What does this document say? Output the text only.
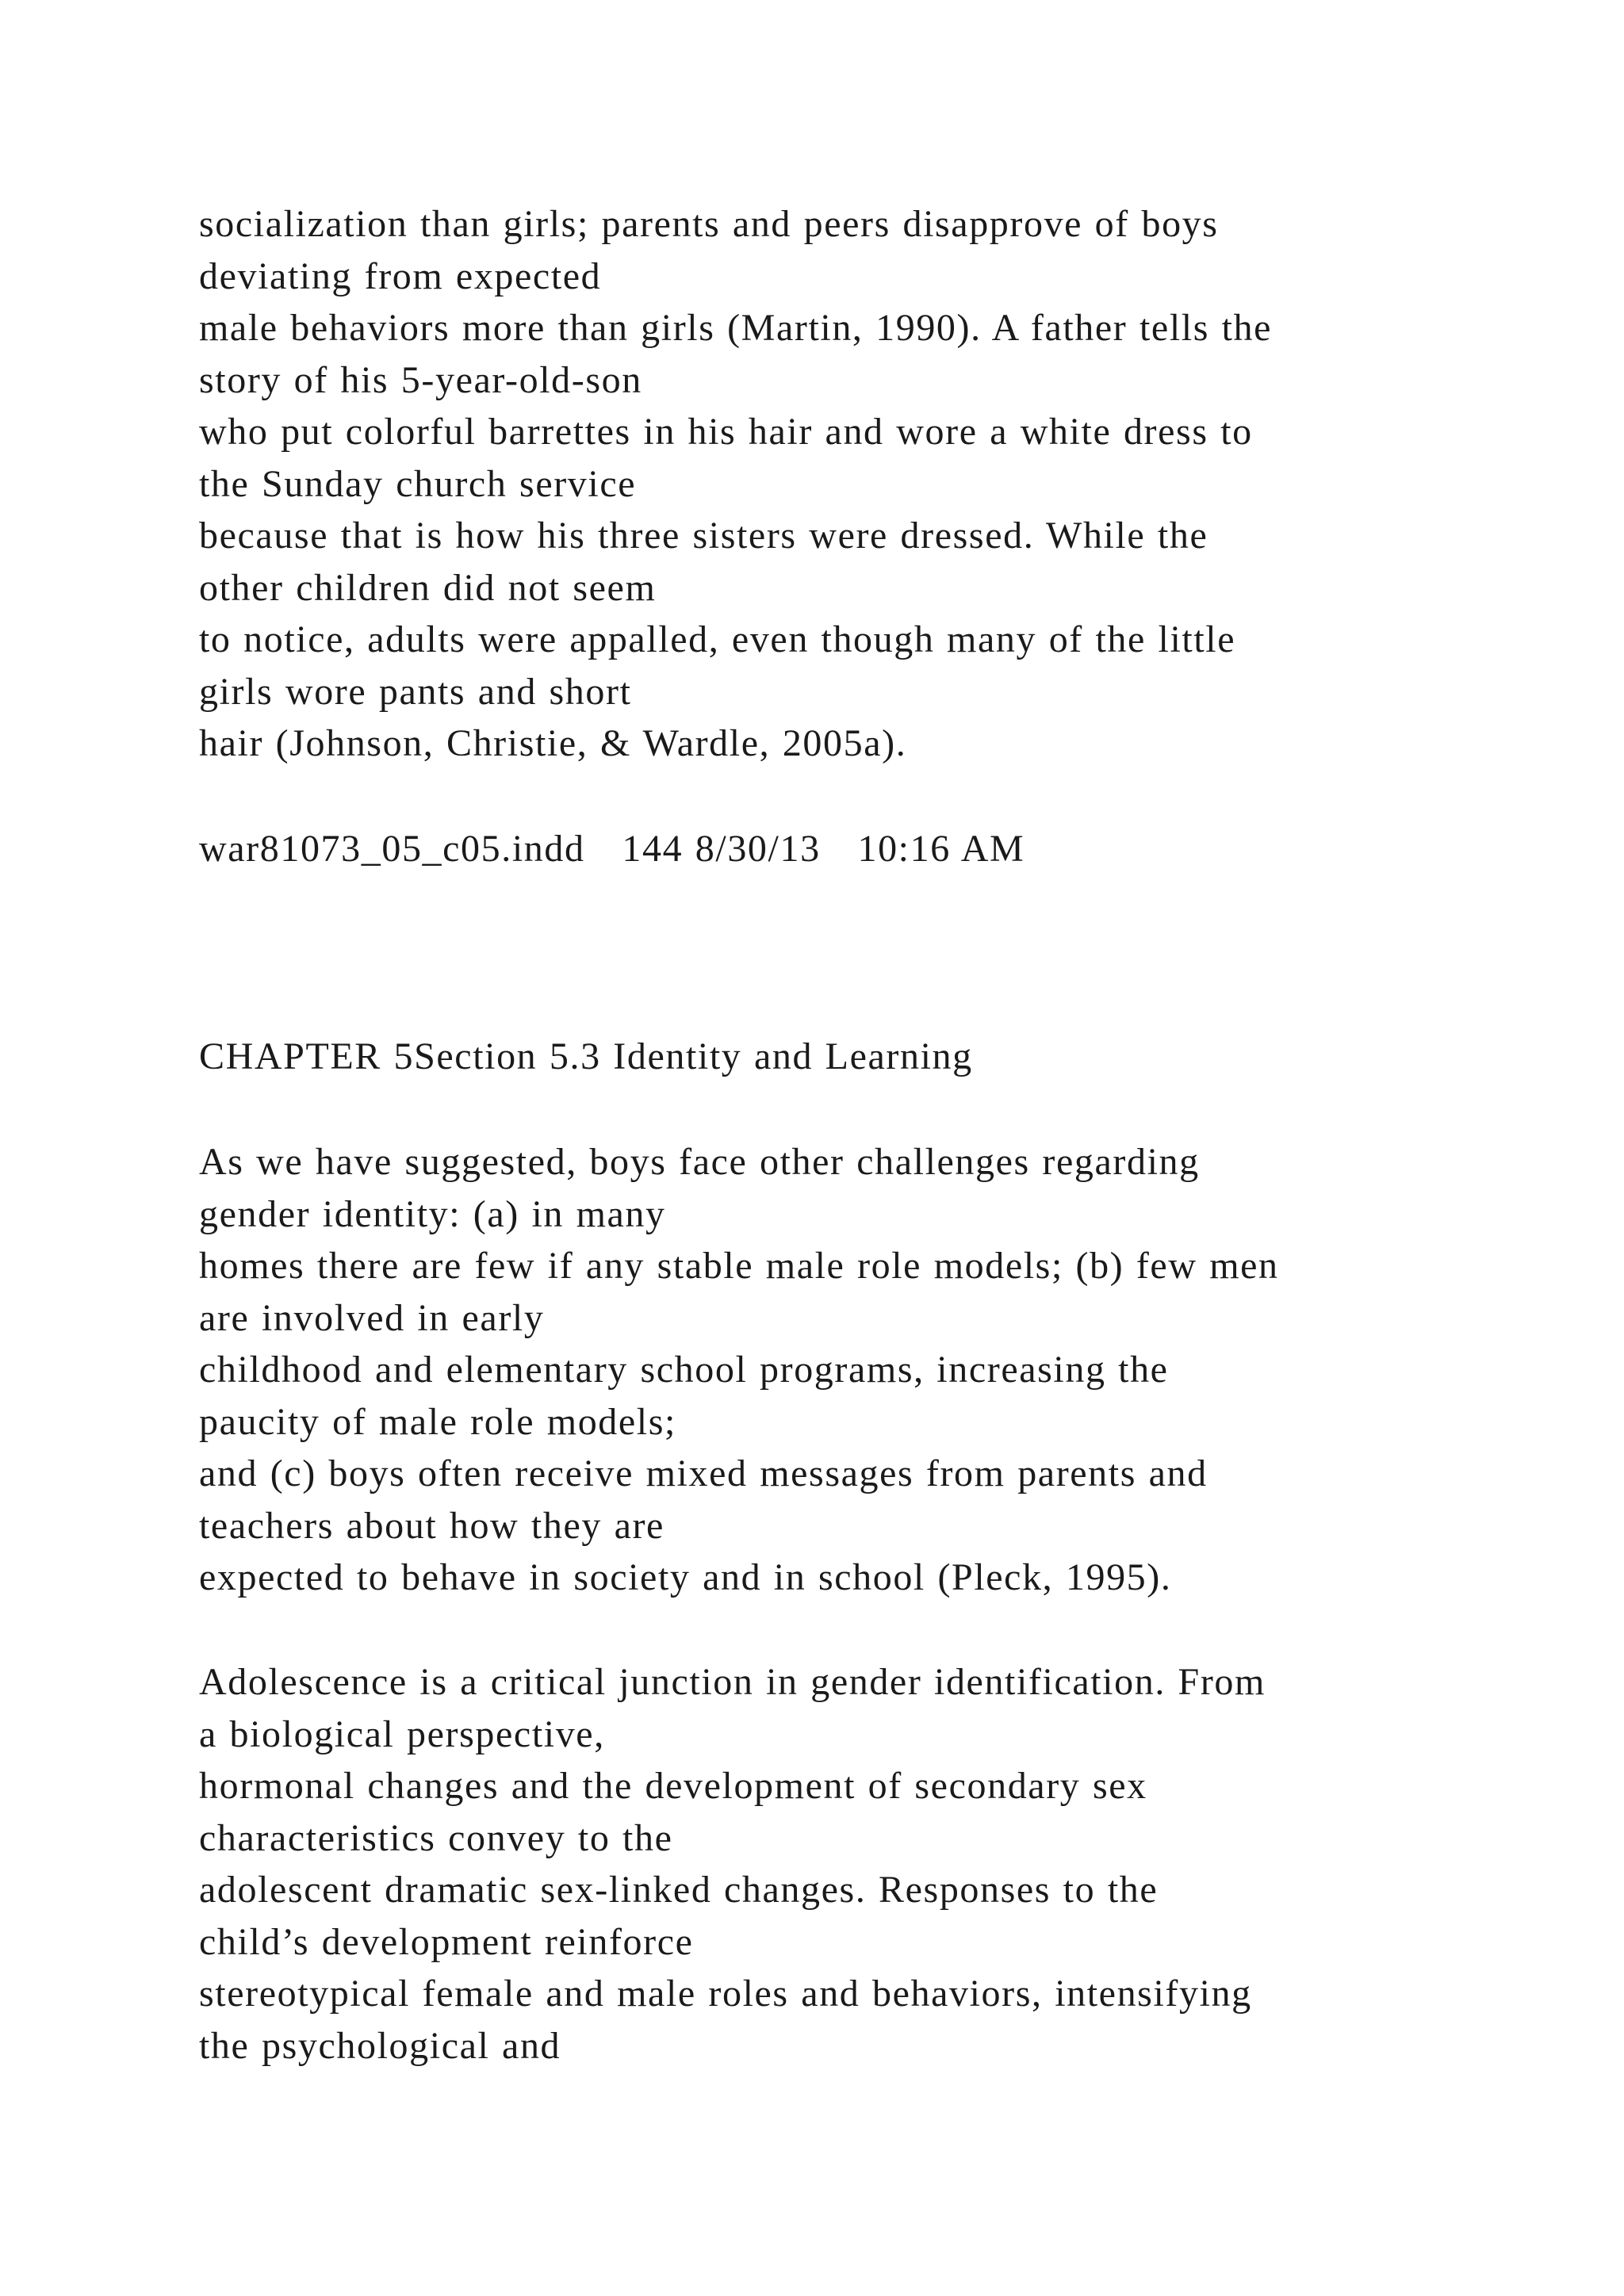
socialization than girls; parents and peers disapprove of boys
deviating from expected
male behaviors more than girls (Martin, 1990). A father tells the
story of his 5-year-old-son
who put colorful barrettes in his hair and wore a white dress to
the Sunday church service
because that is how his three sisters were dressed. While the
other children did not seem
to notice, adults were appalled, even though many of the little
girls wore pants and short
hair (Johnson, Christie, & Wardle, 2005a).

war81073_05_c05.indd   144 8/30/13   10:16 AM

CHAPTER 5Section 5.3 Identity and Learning

As we have suggested, boys face other challenges regarding
gender identity: (a) in many
homes there are few if any stable male role models; (b) few men
are involved in early
childhood and elementary school programs, increasing the
paucity of male role models;
and (c) boys often receive mixed messages from parents and
teachers about how they are
expected to behave in society and in school (Pleck, 1995).

Adolescence is a critical junction in gender identification. From
a biological perspective,
hormonal changes and the development of secondary sex
characteristics convey to the
adolescent dramatic sex-linked changes. Responses to the
child’s development reinforce
stereotypical female and male roles and behaviors, intensifying
the psychological and
